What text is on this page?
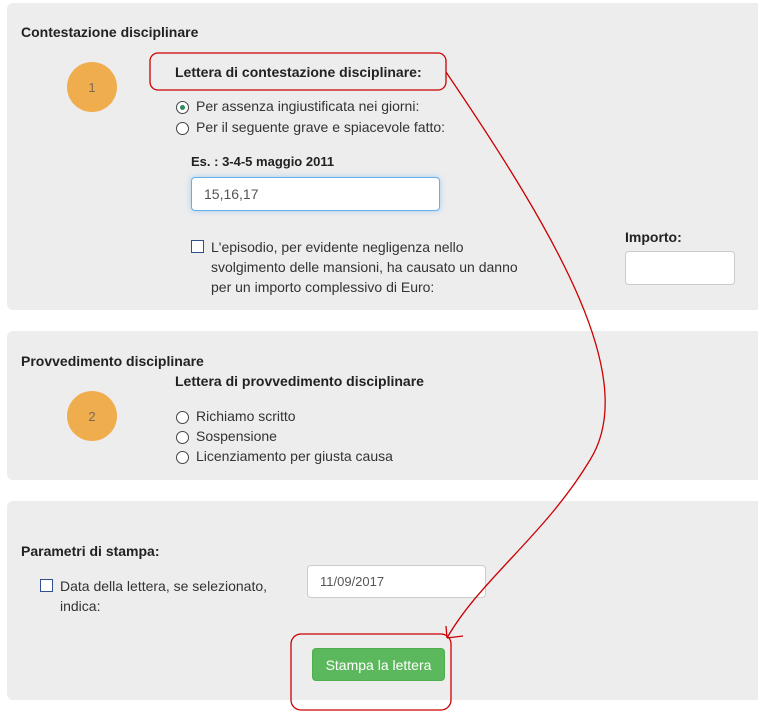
Contestazione disciplinare
1
Lettera di contestazione disciplinare:
Per assenza ingiustificata nei giorni:
Per il seguente grave e spiacevole fatto:
Es. : 3-4-5 maggio 2011
15,16,17
L'episodio, per evidente negligenza nello svolgimento delle mansioni, ha causato un danno per un importo complessivo di Euro:
Importo:
Provvedimento disciplinare
Lettera di provvedimento disciplinare
2	Richiamo scritto
Sospensione
Licenziamento per giusta causa
Parametri di stampa:
Data della lettera, se selezionato, indica:
11/09/2017
Stampa la lettera
